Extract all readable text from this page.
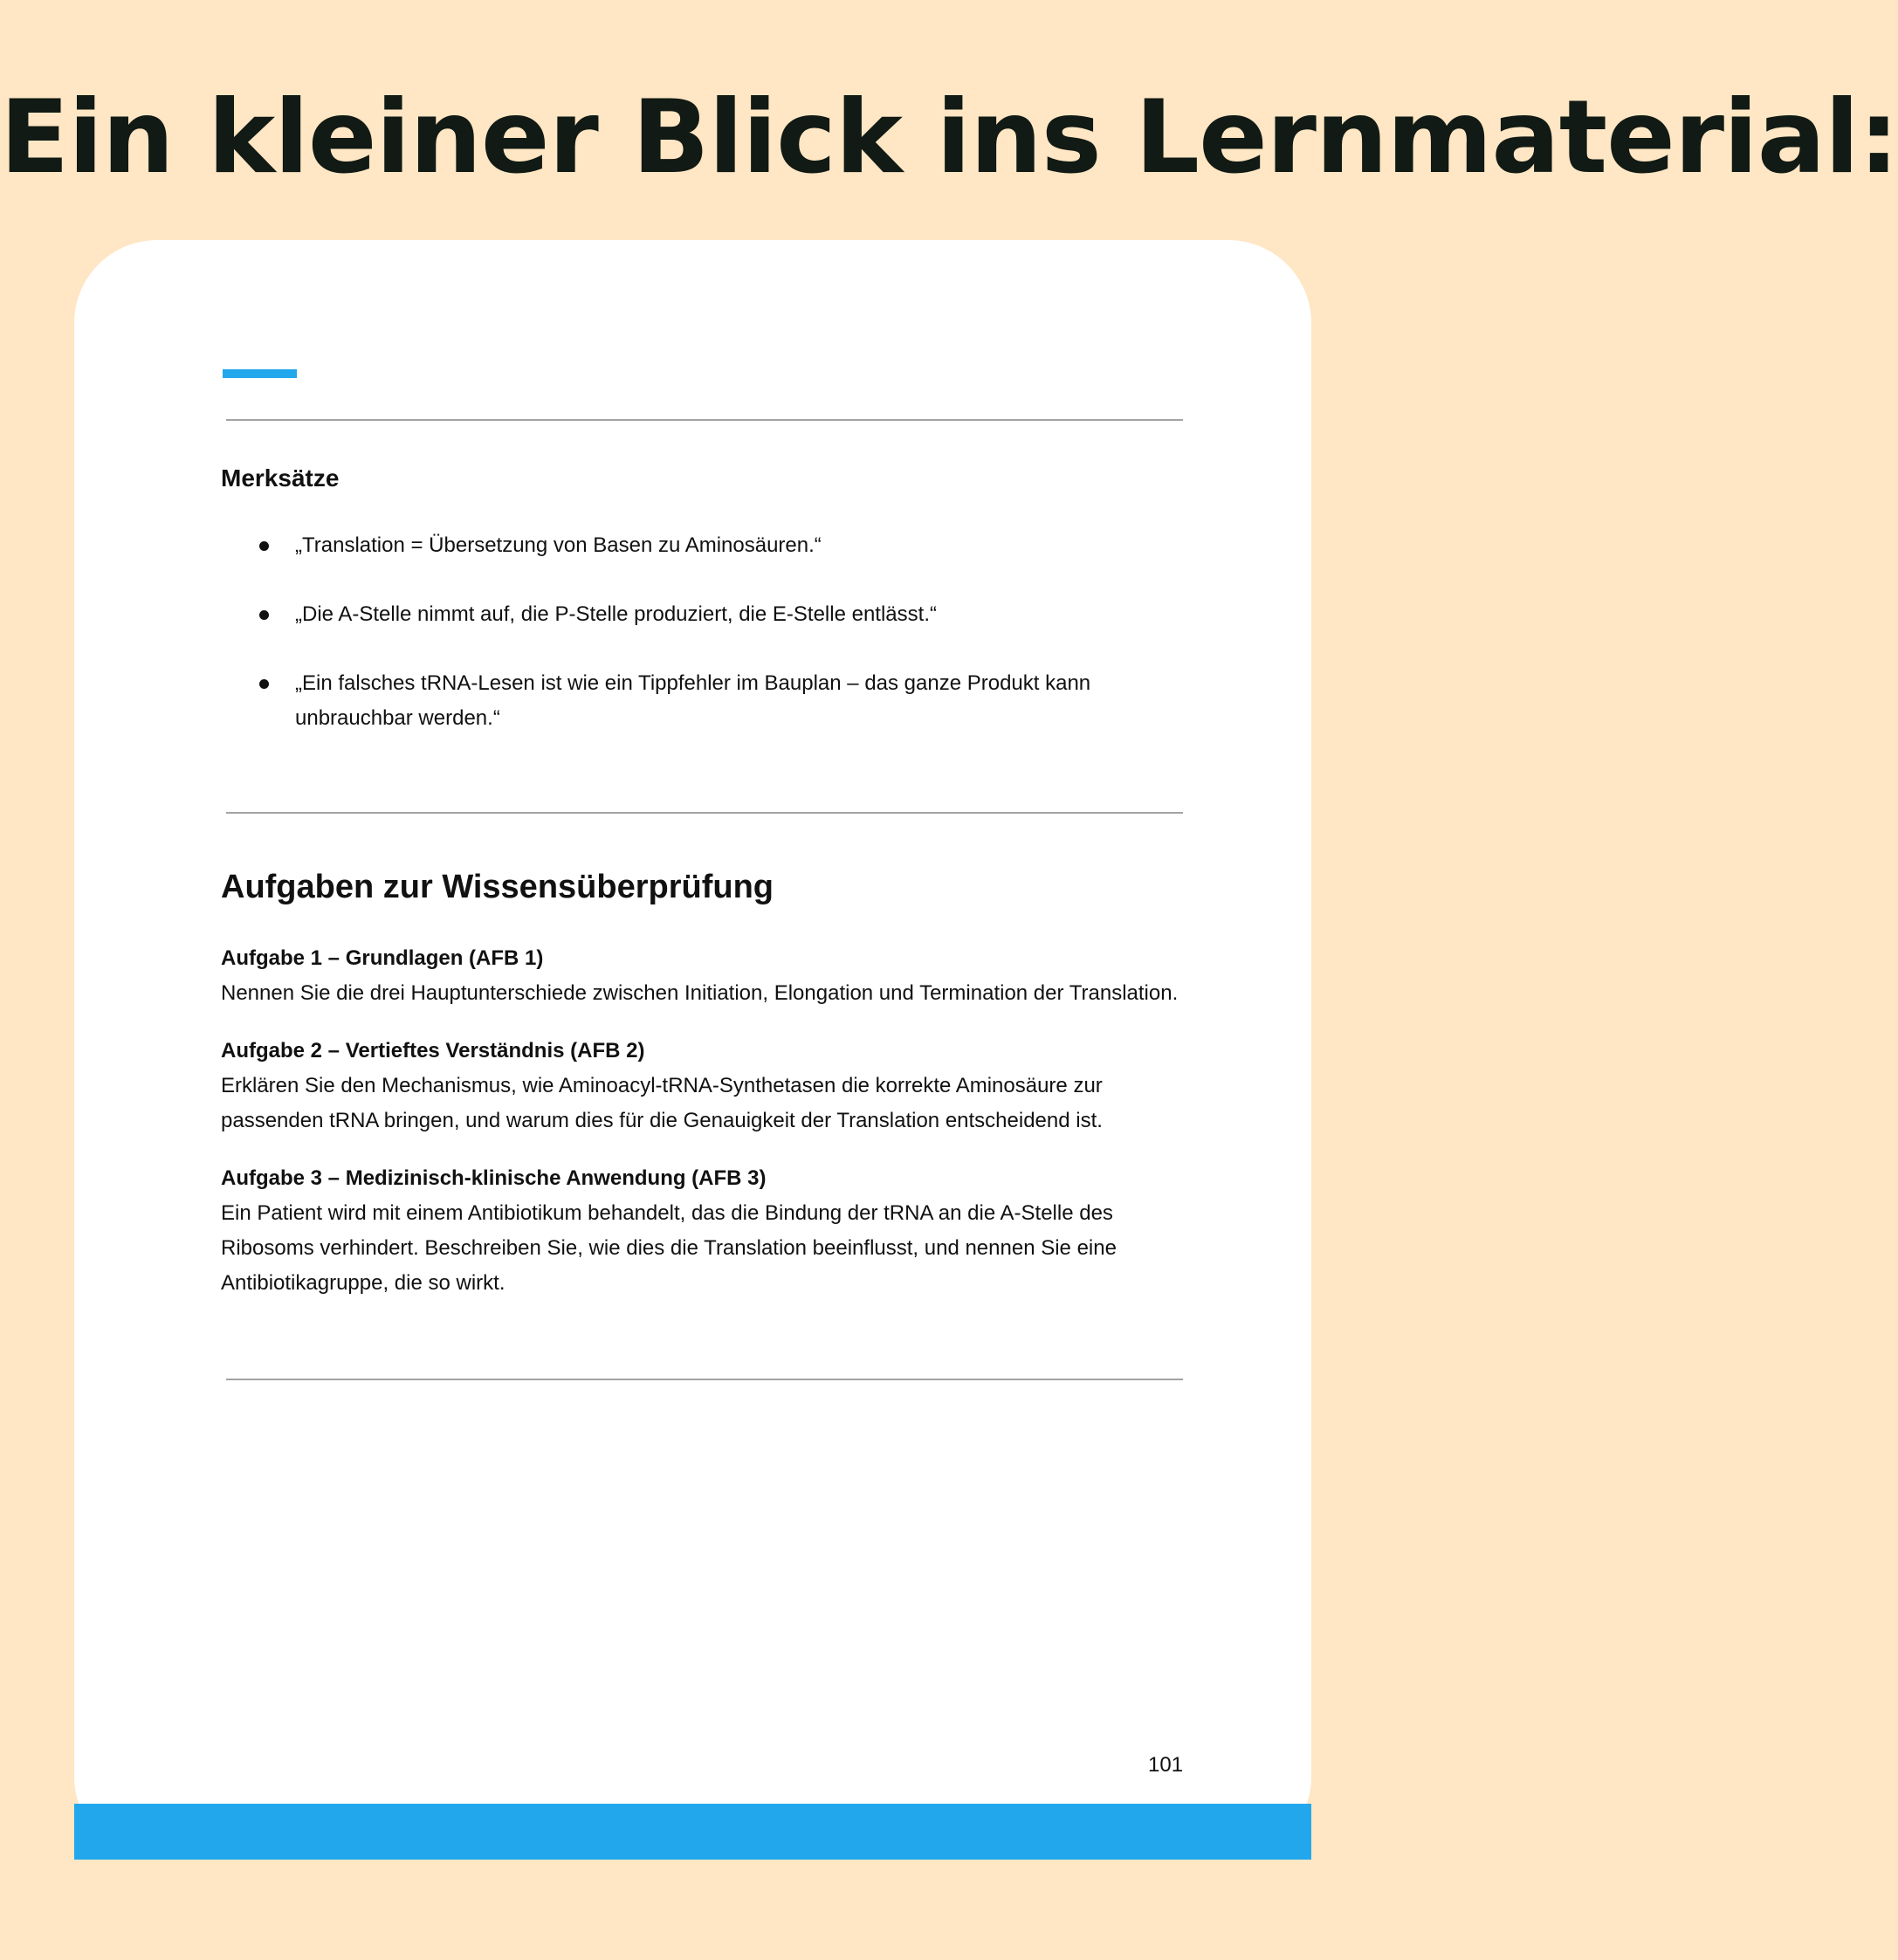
Ein kleiner Blick ins Lernmaterial:
Merksätze
„Translation = Übersetzung von Basen zu Aminosäuren.“
„Die A-Stelle nimmt auf, die P-Stelle produziert, die E-Stelle entlässt.“
„Ein falsches tRNA-Lesen ist wie ein Tippfehler im Bauplan – das ganze Produkt kann unbrauchbar werden.“
Aufgaben zur Wissensüberprüfung
Aufgabe 1 – Grundlagen (AFB 1)
Nennen Sie die drei Hauptunterschiede zwischen Initiation, Elongation und Termination der Translation.
Aufgabe 2 – Vertieftes Verständnis (AFB 2)
Erklären Sie den Mechanismus, wie Aminoacyl-tRNA-Synthetasen die korrekte Aminosäure zur passenden tRNA bringen, und warum dies für die Genauigkeit der Translation entscheidend ist.
Aufgabe 3 – Medizinisch-klinische Anwendung (AFB 3)
Ein Patient wird mit einem Antibiotikum behandelt, das die Bindung der tRNA an die A-Stelle des Ribosoms verhindert. Beschreiben Sie, wie dies die Translation beeinflusst, und nennen Sie eine Antibiotikagruppe, die so wirkt.
101
